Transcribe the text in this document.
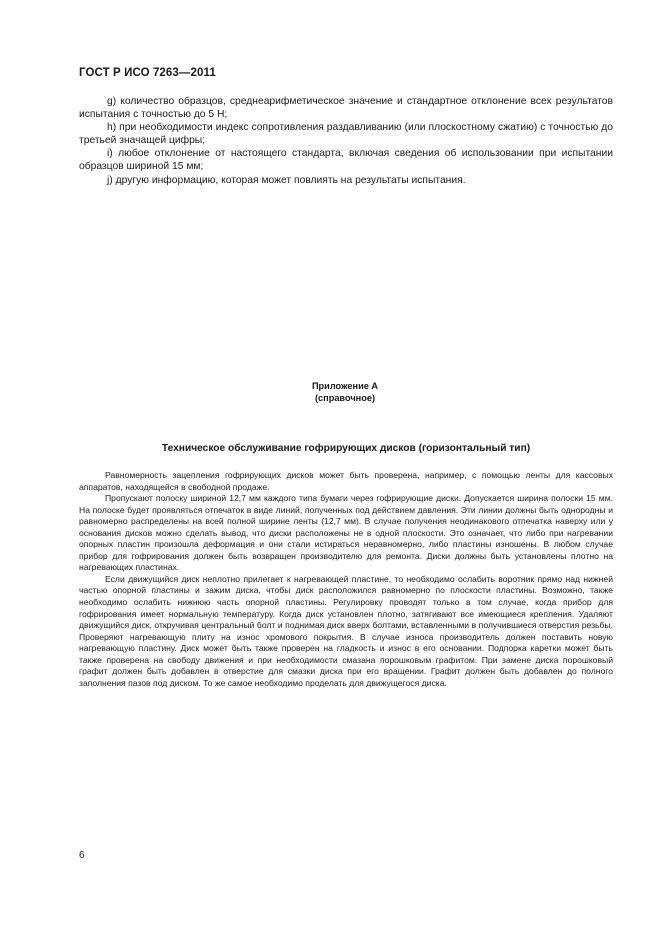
ГОСТ Р ИСО 7263—2011

g) количество образцов, среднеарифметическое значение и стандартное отклонение всех результатов испытания с точностью до 5 Н;

h) при необходимости индекс сопротивления раздавливанию (или плоскостному сжатию) с точностью до третьей значащей цифры;

i) любое отклонение от настоящего стандарта, включая сведения об использовании при испытании образцов шириной 15 мм;

j) другую информацию, которая может повлиять на результаты испытания.

Приложение А
(справочное)
Техническое обслуживание гофрирующих дисков (горизонтальный тип)

Равномерность зацепления гофрирующих дисков может быть проверена, например, с помощью ленты для кассовых аппаратов, находящейся в свободной продаже.

Пропускают полоску шириной 12,7 мм каждого типа бумаги через гофрирующие диски. Допускается ширина полоски 15 мм. На полоске будет проявляться отпечаток в виде линий, полученных под действием давления. Эти линии должны быть однородны и равномерно распределены на всей полной ширине ленты (12,7 мм). В случае получения неодинакового отпечатка наверху или у основания дисков можно сделать вывод, что диски расположены не в одной плоскости. Это означает, что либо при нагревании опорных пластин произошла деформация и они стали истираться неравномерно, либо пластины изношены. В любом случае прибор для гофрирования должен быть возвращен производителю для ремонта. Диски должны быть установлены плотно на нагревающих пластинах.

Если движущийся диск неплотно прилегает к нагревающей пластине, то необходимо ослабить воротник прямо над нижней частью опорной пластины и зажим диска, чтобы диск расположился равномерно по плоскости пластины. Возможно, также необходимо ослабить нижнюю часть опорной пластины. Регулировку проводят только в том случае, когда прибор для гофрирования имеет нормальную температуру. Когда диск установлен плотно, затягивают все имеющиеся крепления. Удаляют движущийся диск, откручивая центральный болт и поднимая диск вверх болтами, вставленными в получившиеся отверстия резьбы. Проверяют нагревающую плиту на износ хромового покрытия. В случае износа производитель должен поставить новую нагревающую пластину. Диск может быть также проверен на гладкость и износ в его основании. Подпорка каретки может быть также проверена на свободу движения и при необходимости смазана порошковым графитом. При замене диска порошковый графит должен быть добавлен в отверстие для смазки диска при его вращении. Графит должен быть добавлен до полного заполнения пазов под диском. То же самое необходимо проделать для движущегося диска.

6
